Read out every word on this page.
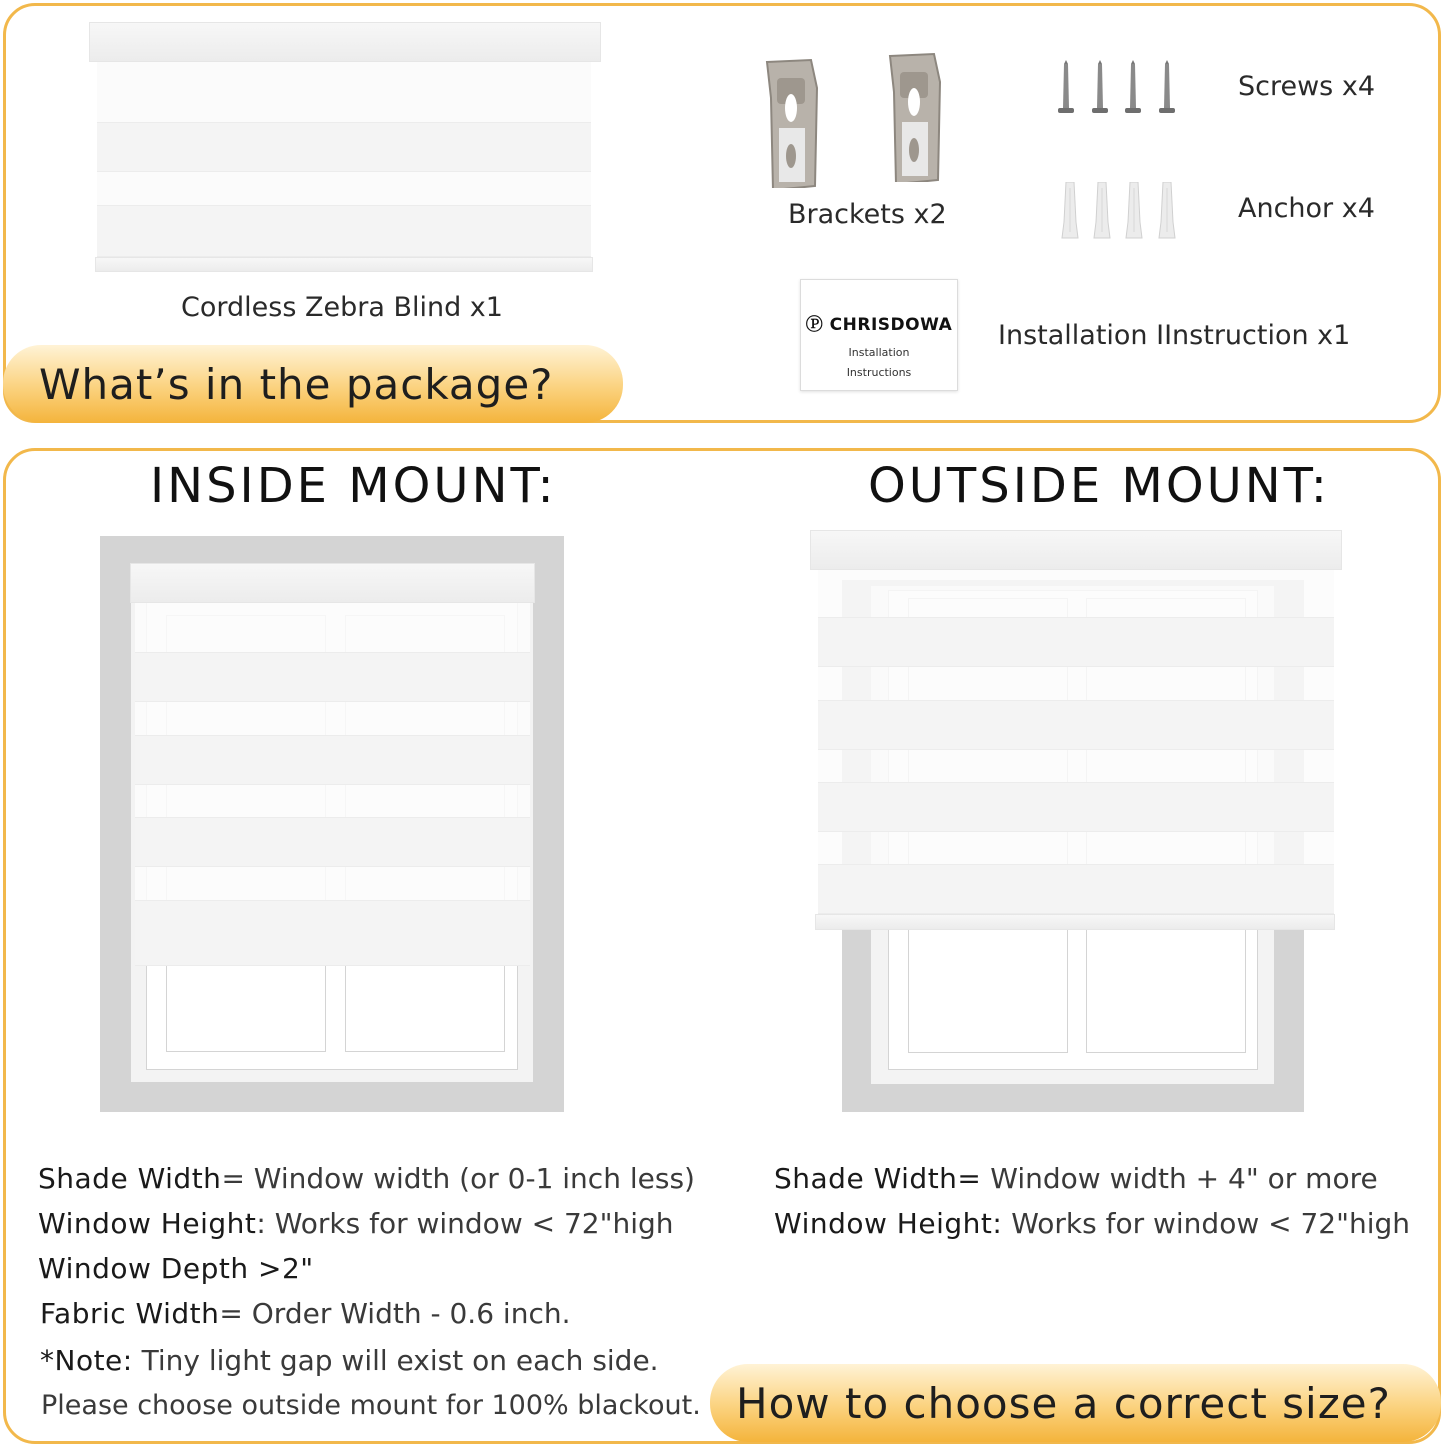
Cordless Zebra Blind x1
Brackets x2
Screws x4
Anchor x4
Ⓟ CHRISDOWA
Installation
Instructions
Installation IInstruction x1
What’s in the package?
INSIDE MOUNT:	OUTSIDE MOUNT:
Shade Width= Window width (or 0-1 inch less)
Window Height: Works for window < 72"high
Window Depth >2"
Fabric Width= Order Width - 0.6 inch.
*Note: Tiny light gap will exist on each side.
Please choose outside mount for 100% blackout.
Shade Width= Window width + 4" or more
Window Height: Works for window < 72"high
How to choose a correct size?
